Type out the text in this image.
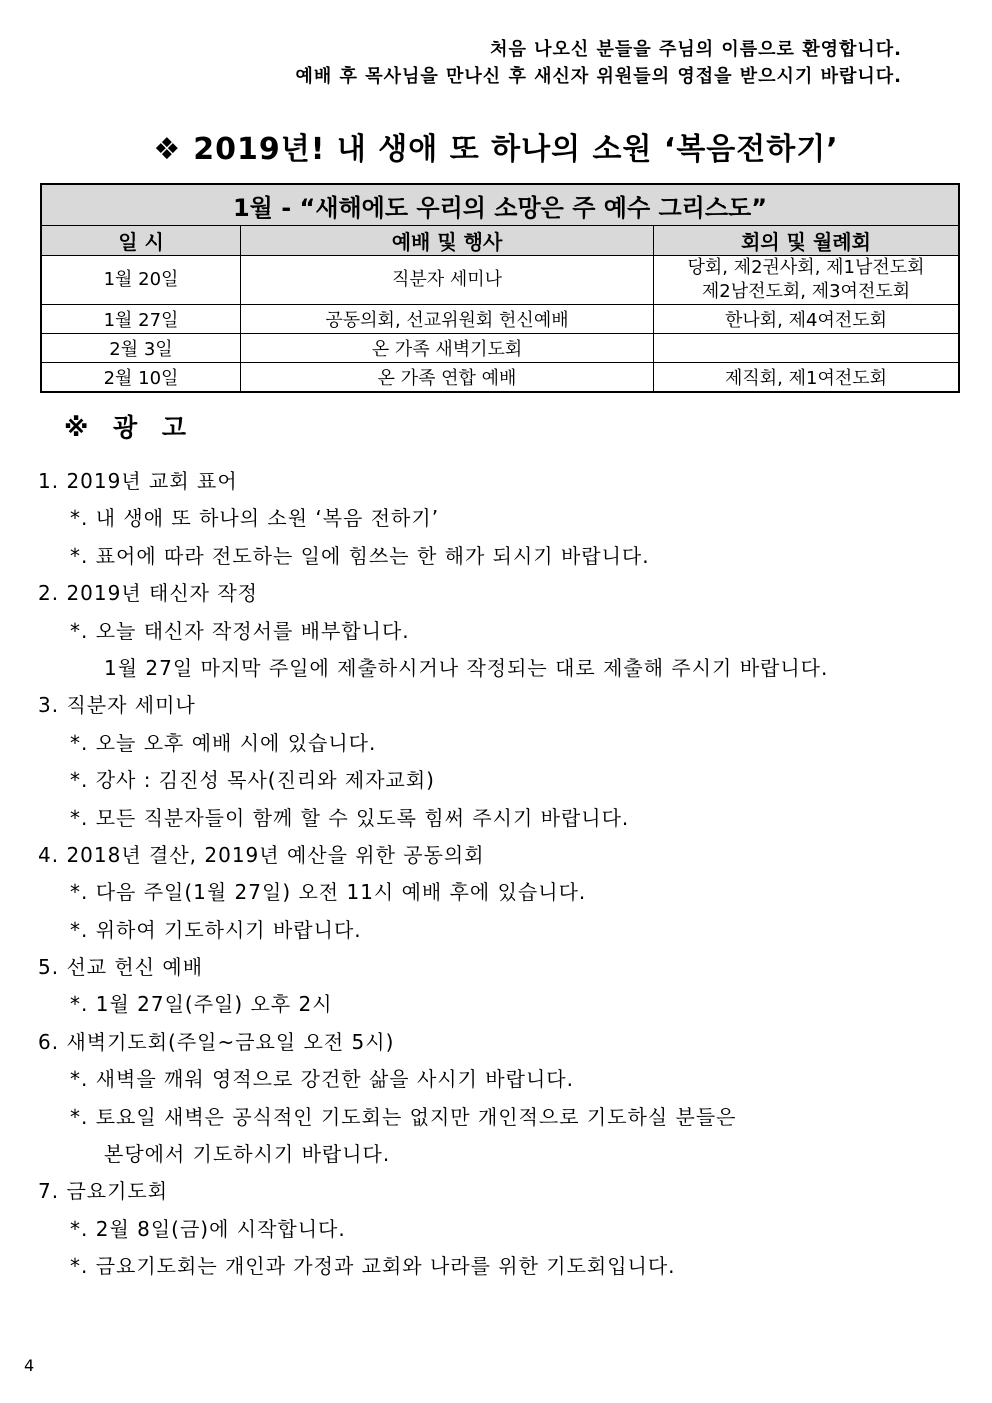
처음 나오신 분들을 주님의 이름으로 환영합니다.
예배 후 목사님을 만나신 후 새신자 위원들의 영접을 받으시기 바랍니다.
❖ 2019년! 내 생애 또 하나의 소원 ‘복음전하기’
1월 - “새해에도 우리의 소망은 주 예수 그리스도”		
일 시	예배 및 행사	회의 및 월례회
1월 20일	직분자 세미나	당회, 제2권사회, 제1남전도회
제2남전도회, 제3여전도회

1월 27일	공동의회, 선교위원회 헌신예배	한나회, 제4여전도회
2월 3일	온 가족 새벽기도회	
2월 10일	온 가족 연합 예배	제직회, 제1여전도회
※ 광 고
1. 2019년 교회 표어
*. 내 생애 또 하나의 소원 ‘복음 전하기’
*. 표어에 따라 전도하는 일에 힘쓰는 한 해가 되시기 바랍니다.
2. 2019년 태신자 작정
*. 오늘 태신자 작정서를 배부합니다.
1월 27일 마지막 주일에 제출하시거나 작정되는 대로 제출해 주시기 바랍니다.
3. 직분자 세미나
*. 오늘 오후 예배 시에 있습니다.
*. 강사 : 김진성 목사(진리와 제자교회)
*. 모든 직분자들이 함께 할 수 있도록 힘써 주시기 바랍니다.
4. 2018년 결산, 2019년 예산을 위한 공동의회
*. 다음 주일(1월 27일) 오전 11시 예배 후에 있습니다.
*. 위하여 기도하시기 바랍니다.
5. 선교 헌신 예배
*. 1월 27일(주일) 오후 2시
6. 새벽기도회(주일~금요일 오전 5시)
*. 새벽을 깨워 영적으로 강건한 삶을 사시기 바랍니다.
*. 토요일 새벽은 공식적인 기도회는 없지만 개인적으로 기도하실 분들은
본당에서 기도하시기 바랍니다.
7. 금요기도회
*. 2월 8일(금)에 시작합니다.
*. 금요기도회는 개인과 가정과 교회와 나라를 위한 기도회입니다.
4
